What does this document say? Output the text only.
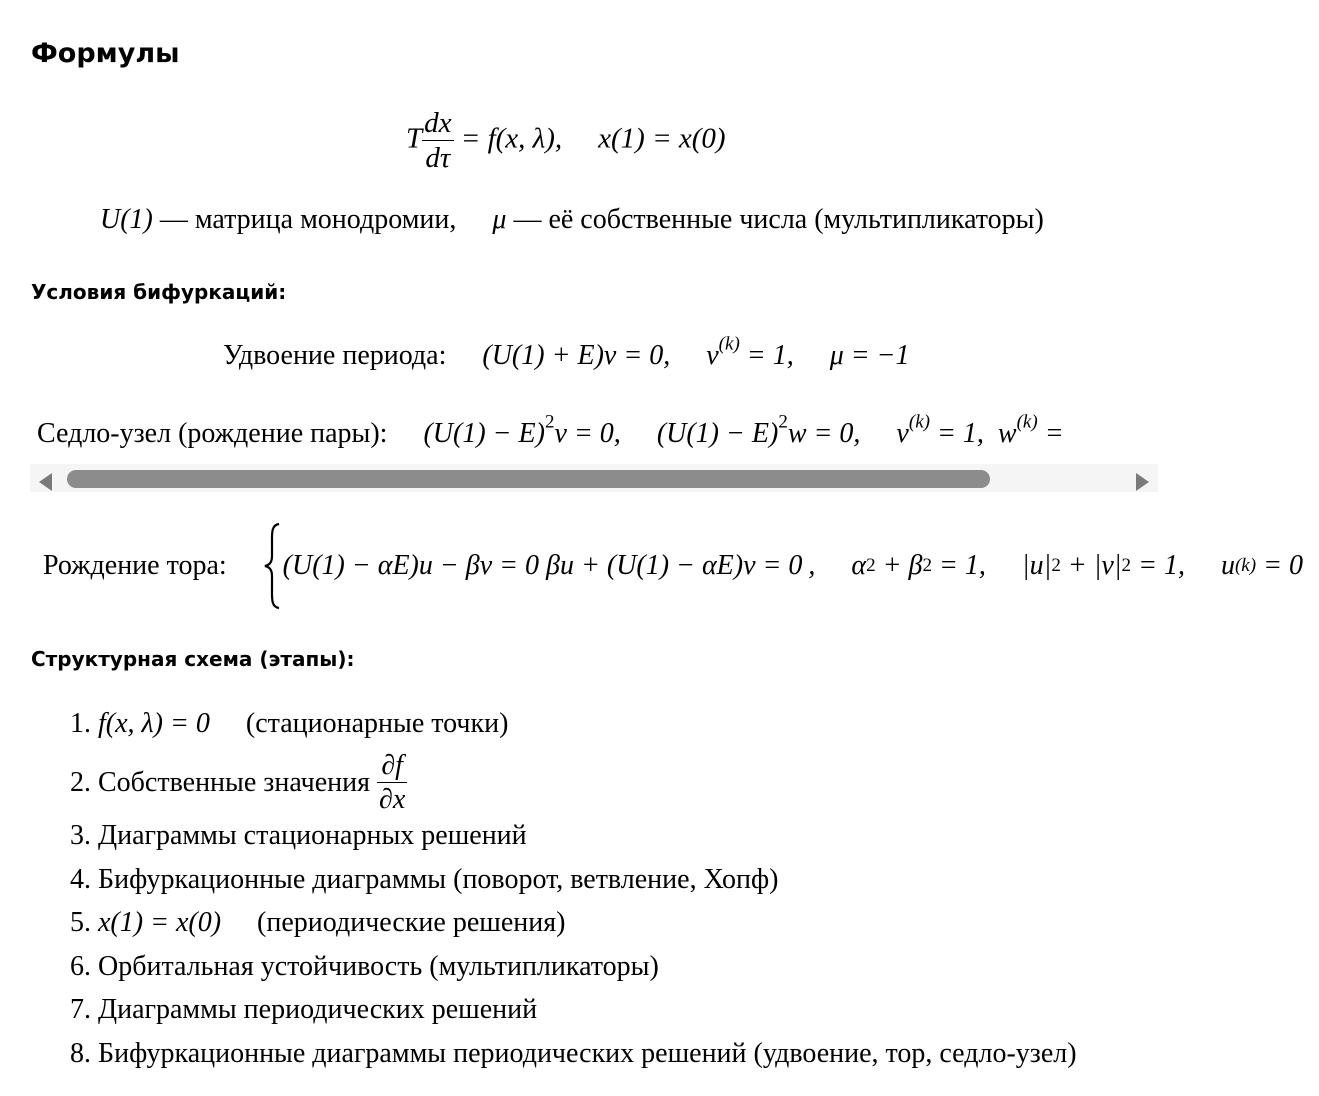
Формулы
T $\frac{dx}{d\tau} = f(x$, λ), x(1) = x(0)
U(1) — матрица монодромии, μ — её собственные числа (мультипликаторы)
Условия бифуркаций:
Удвоение периода: (U(1) + E)v = 0, $v^{(k)} = 1$, μ = −1
Седло-узел (рождение пары): $(U(1) - E)^2v = 0$, $(U(1) - E)^2w = 0$, $v^{(k)} = 1$, $w^{(k)}$ =
Рождение тора: (U(1) − αE)u − βv = 0 βu + (U(1) − αE)v = 0 , α 2
+ β 2
= 1, |u| 2
+ |v| 2
= 1, u (k)
= 0
Структурная схема (этапы):
1. f(x, λ) = 0 (стационарные точки)
2.
Собственные значения
$\frac{\partial f}{\partial x}$
3. Диаграммы стационарных решений
4. Бифуркационные диаграммы (поворот, ветвление, Хопф)
5. x(1) = x(0) (периодические решения)
6. Орбитальная устойчивость (мультипликаторы)
7. Диаграммы периодических решений
8. Бифуркационные диаграммы периодических решений (удвоение, тор, седло-узел)
